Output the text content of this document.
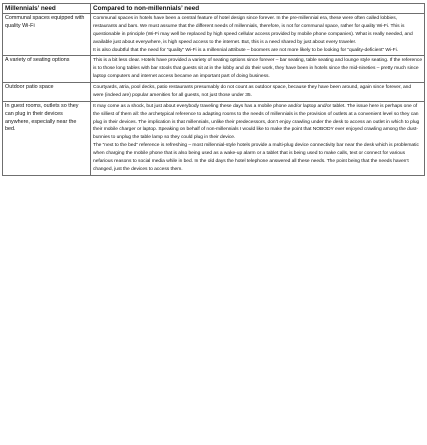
Millennials’ need	Compared to non-millennials’ need
Communal spaces equipped with quality Wi-Fi	Communal spaces in hotels have been a central feature of hotel design since forever. In the pre-millennial era, these were often called lobbies, restaurants and bars. We must assume that the different needs of millennials, therefore, is not for communal space, rather for quality Wi-Fi. This is questionable in principle (Wi-Fi may well be replaced by high speed cellular access provided by mobile phone companies). What is really needed, and available just about everywhere, is high speed access to the internet. But, this is a need shared by just about every traveler.

It is also doubtful that the need for “quality” Wi-Fi is a millennial attribute – boomers are not more likely to be looking for “quality-deficient” Wi-Fi.

A variety of seating options	This is a bit less clear. Hotels have provided a variety of seating options since forever – bar seating, table seating and lounge style seating. If the reference is to those long tables with bar stools that guests sit at in the lobby and do their work, they have been in hotels since the mid-nineties – pretty much since laptop computers and internet access became an important part of doing business.

Outdoor patio space	Courtyards, atria, pool decks, patio restaurants presumably do not count as outdoor space, because they have been around, again since forever, and were (indeed are) popular amenities for all guests, not just those under 35.

In guest rooms, outlets so they can plug in their devices anywhere, especially near the bed.	It may come as a shock, but just about everybody traveling these days has a mobile phone and/or laptop and/or tablet. The issue here is perhaps one of the silliest of them all: the archetypical reference to adapting rooms to the needs of millennials is the provision of outlets at a convenient level so they can plug in their devices. The implication is that millennials, unlike their predecessors, don’t enjoy crawling under the desk to access an outlet in which to plug their mobile charger or laptop. Speaking on behalf of non-millennials I would like to make the point that NOBODY ever enjoyed crawling among the dust-bunnies to unplug the table lamp so they could plug in their device.

The “next to the bed” reference is refreshing – most millennial-style hotels provide a multi-plug device connectivity bar near the desk which is problematic when charging the mobile phone that is also being used as a wake-up alarm or a tablet that is being used to make calls, text or connect for various nefarious reasons to social media while in bed. In the old days the hotel telephone answered all these needs. The point being that the needs haven’t changed, just the devices to access them.
